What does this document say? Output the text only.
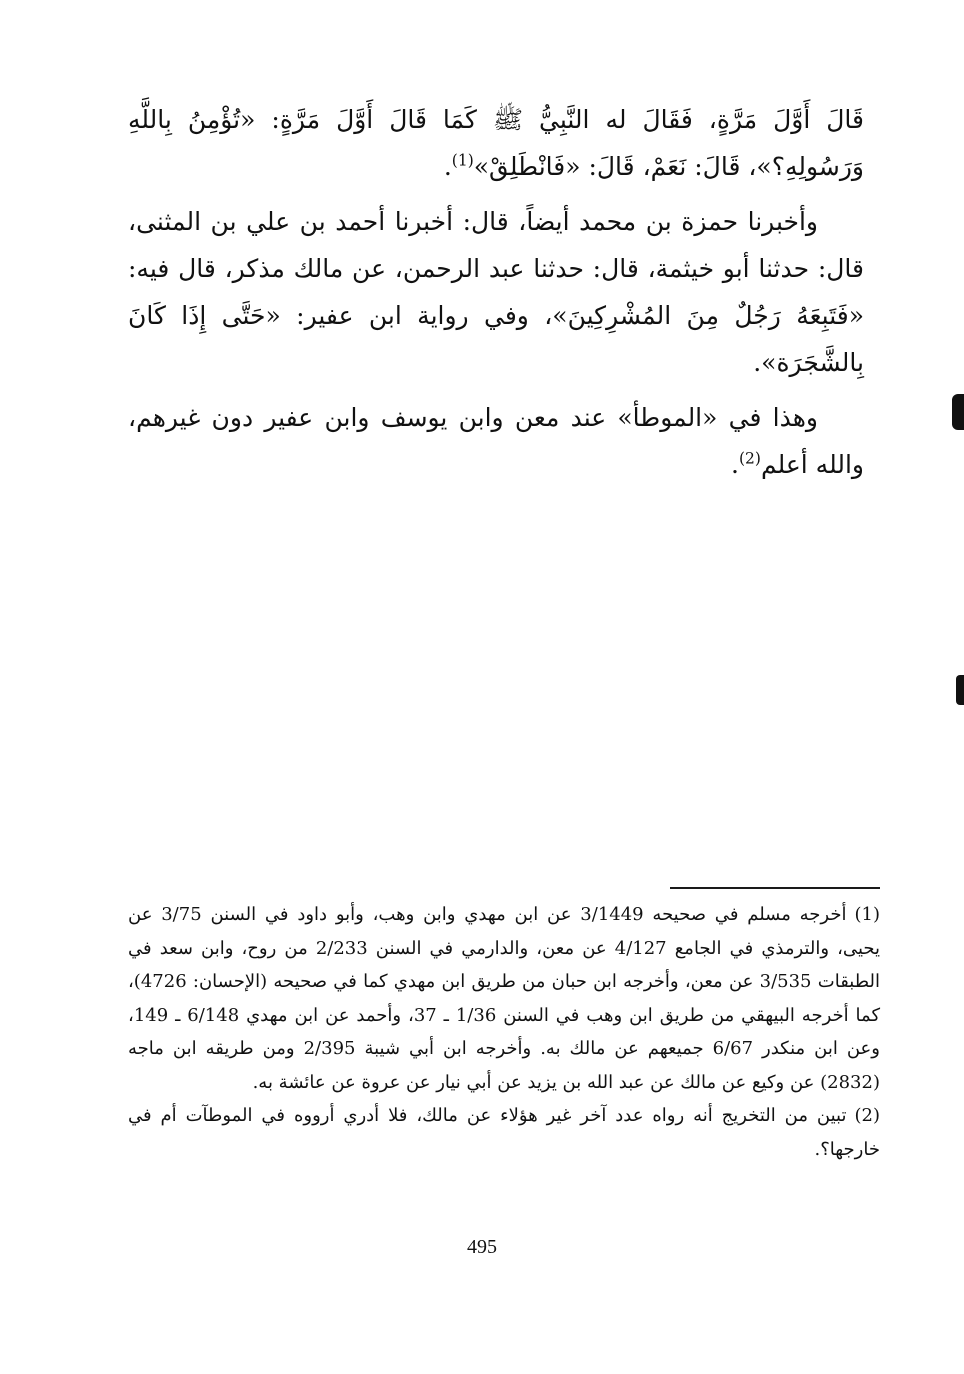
قَالَ أَوَّلَ مَرَّةٍ، فَقَالَ له النَّبِيُّ ﷺ كَمَا قَالَ أَوَّلَ مَرَّةٍ: «تُؤْمِنُ بِاللَّهِ وَرَسُولِهِ؟»، قَالَ: نَعَمْ، قَالَ: «فَانْطَلِقْ»$^{(1)}$.

وأخبرنا حمزة بن محمد أيضاً، قال: أخبرنا أحمد بن علي بن المثنى، قال: حدثنا أبو خيثمة، قال: حدثنا عبد الرحمن، عن مالك مذكر، قال فيه: «فَتَبِعَهُ رَجُلٌ مِنَ المُشْرِكِينَ»، وفي رواية ابن عفير: «حَتَّى إِذَا كَانَ بِالشَّجَرَة».

وهذا في «الموطأ» عند معن وابن يوسف وابن عفير دون غيرهم، والله أعلم$^{(2)}$.

(1)أخرجه مسلم في صحيحه 3/1449 عن ابن مهدي وابن وهب، وأبو داود في السنن 3/75 عن يحيى، والترمذي في الجامع 4/127 عن معن، والدارمي في السنن 2/233 من روح، وابن سعد في الطبقات 3/535 عن معن، وأخرجه ابن حبان من طريق ابن مهدي كما في صحيحه (الإحسان: 4726)، كما أخرجه البيهقي من طريق ابن وهب في السنن 1/36 ـ 37، وأحمد عن ابن مهدي 6/148 ـ 149، وعن ابن منكدر 6/67 جميعهم عن مالك به. وأخرجه ابن أبي شيبة 2/395 ومن طريقه ابن ماجه (2832) عن وكيع عن مالك عن عبد الله بن يزيد عن أبي نيار عن عروة عن عائشة به.

(2)تبين من التخريج أنه رواه عدد آخر غير هؤلاء عن مالك، فلا أدري أرووه في الموطآت أم في خارجها؟.

495
